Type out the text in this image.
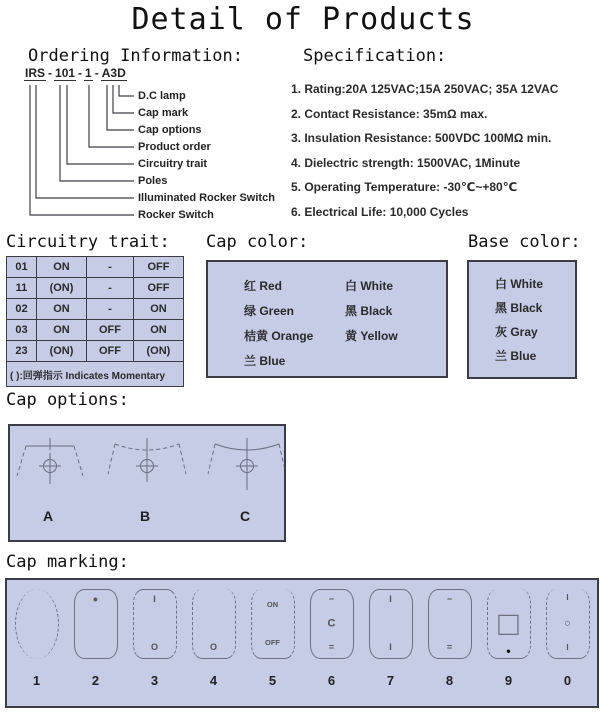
Detail of Products
Ordering Information:
IRS - 101 - 1 - A3D
D.C lamp
Cap mark
Cap options
Product order
Circuitry trait
Poles
Illuminated Rocker Switch
Rocker Switch
Specification:
1. Rating:20A 125VAC;15A 250VAC; 35A 12VAC
2. Contact Resistance: 35mΩ max.
3. Insulation Resistance: 500VDC 100MΩ min.
4. Dielectric strength: 1500VAC, 1Minute
5. Operating Temperature: -30℃~+80℃
6. Electrical Life: 10,000 Cycles
Circuitry trait:
01	ON	-	OFF
11	(ON)	-	OFF
02	ON	-	ON
03	ON	OFF	ON
23	(ON)	OFF	(ON)
( ):回弹指示 Indicates Momentary			
Cap color:
红 Red
绿 Green
桔黄 Orange
兰 Blue
白 White
黑 Black
黄 Yellow
Base color:
白 White
黑 Black
灰 Gray
兰 Blue
Cap options:
A	B	C
Cap marking:
1
●
2
I
O
3
O
4
ON
OFF
5
−
C
=
6
I
I
7
−
=
8
□
•
9
I
○
I
0
